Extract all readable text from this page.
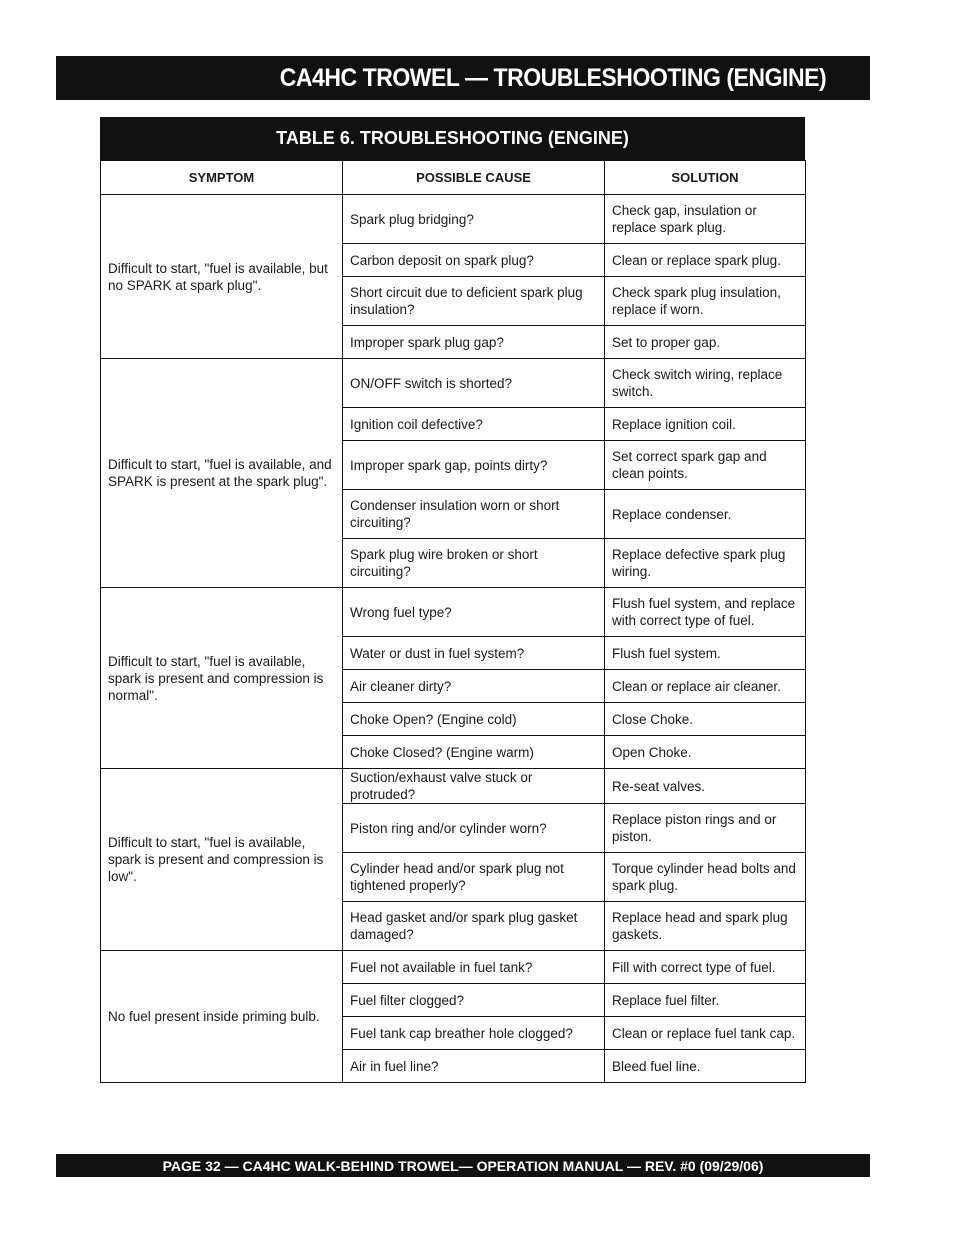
CA4HC TROWEL — TROUBLESHOOTING (ENGINE)
TABLE 6. TROUBLESHOOTING (ENGINE)
SYMPTOM	POSSIBLE CAUSE	SOLUTION
Difficult to start, "fuel is available, but no SPARK at spark plug".	Spark plug bridging?	Check gap, insulation or replace spark plug.
	Carbon deposit on spark plug?	Clean or replace spark plug.
	Short circuit due to deficient spark plug insulation?	Check spark plug insulation, replace if worn.
	Improper spark plug gap?	Set to proper gap.
Difficult to start, "fuel is available, and SPARK is present at the spark plug".	ON/OFF switch is shorted?	Check switch wiring, replace switch.
	Ignition coil defective?	Replace ignition coil.
	Improper spark gap, points dirty?	Set correct spark gap and clean points.
	Condenser insulation worn or short circuiting?	Replace condenser.
	Spark plug wire broken or short circuiting?	Replace defective spark plug wiring.
Difficult to start, "fuel is available, spark is present and compression is normal".	Wrong fuel type?	Flush fuel system, and replace with correct type of fuel.
	Water or dust in fuel system?	Flush fuel system.
	Air cleaner dirty?	Clean or replace air cleaner.
	Choke Open? (Engine cold)	Close Choke.
	Choke Closed? (Engine warm)	Open Choke.
Difficult to start, "fuel is available, spark is present and compression is low".	Suction/exhaust valve stuck or protruded?	Re-seat valves.
	Piston ring and/or cylinder worn?	Replace piston rings and or piston.
	Cylinder head and/or spark plug not tightened properly?	Torque cylinder head bolts and spark plug.
	Head gasket and/or spark plug gasket damaged?	Replace head and spark plug gaskets.
No fuel present inside priming bulb.	Fuel not available in fuel tank?	Fill with correct type of fuel.
	Fuel filter clogged?	Replace fuel filter.
	Fuel tank cap breather hole clogged?	Clean or replace fuel tank cap.
	Air in fuel line?	Bleed fuel line.
PAGE 32 — CA4HC WALK-BEHIND TROWEL— OPERATION MANUAL — REV. #0 (09/29/06)
